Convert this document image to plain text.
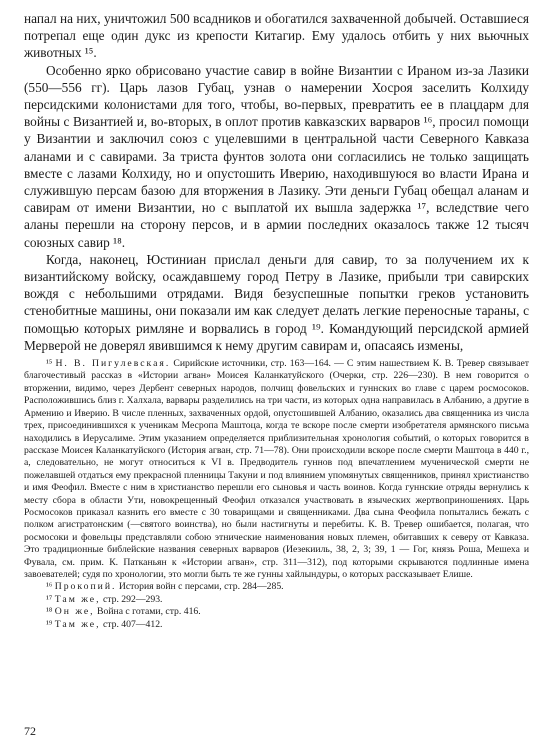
напал на них, уничтожил 500 всадников и обогатился захваченной добычей. Оставшиеся потрепал еще один дукс из крепости Китагир. Ему удалось отбить у них вьючных животных ¹⁵.

Особенно ярко обрисовано участие савир в войне Византии с Ираном из-за Лазики (550—556 гг). Царь лазов Губац, узнав о намерении Хосроя заселить Колхиду персидскими колонистами для того, чтобы, во-первых, превратить ее в плацдарм для войны с Византией и, во-вторых, в оплот против кавказских варваров ¹⁶, просил помощи у Византии и заключил союз с уцелевшими в центральной части Северного Кавказа аланами и с савирами. За триста фунтов золота они согласились не только защищать вместе с лазами Колхиду, но и опустошить Иверию, находившуюся во власти Ирана и служившую персам базою для вторжения в Лазику. Эти деньги Губац обещал аланам и савирам от имени Византии, но с выплатой их вышла задержка ¹⁷, вследствие чего аланы перешли на сторону персов, и в армии последних оказалось также 12 тысяч союзных савир ¹⁸.

Когда, наконец, Юстиниан прислал деньги для савир, то за получением их к византийскому войску, осаждавшему город Петру в Лазике, прибыли три савирских вождя с небольшими отрядами. Видя безуспешные попытки греков установить стенобитные машины, они показали им как следует делать легкие переносные тараны, с помощью которых римляне и ворвались в город ¹⁹. Командующий персидской армией Мерверой не доверял явившимся к нему другим савирам и, опасаясь измены,

¹⁵ Н. В. Пигулевская. Сирийские источники, стр. 163—164. — С этим нашествием К. В. Тревер связывает благочестивый рассказ в «Истории агван» Моисея Каланкатуйского (Очерки, стр. 226—230). В нем говорится о вторжении, видимо, через Дербент северных народов, полчищ фовельских и гуннских во главе с царем росмосоков. Расположившись близ г. Халхала, варвары разделились на три части, из которых одна направилась в Албанию, а другие в Армению и Иверию. В числе пленных, захваченных ордой, опустошившей Албанию, оказались два священника из числа трех, присоединившихся к ученикам Месропа Маштоца, когда те вскоре после смерти изобретателя армянского письма находились в Иерусалиме. Этим указанием определяется приблизительная хронология событий, о которых говорится в рассказе Моисея Каланкатуйского (История агван, стр. 71—78). Они происходили вскоре после смерти Маштоца в 440 г., а, следовательно, не могут относиться к VI в. Предводитель гуннов под впечатлением мученической смерти не пожелавшей отдаться ему прекрасной пленницы Такуни и под влиянием упомянутых священников, принял христианство и имя Феофил. Вместе с ним в христианство перешли его сыновья и часть воинов. Когда гуннские отряды вернулись к месту сбора в области Ути, новокрещенный Феофил отказался участвовать в языческих жертвоприношениях. Царь Росмосоков приказал казнить его вместе с 30 товарищами и священниками. Два сына Феофила попытались бежать с полком агистратонским (—святого воинства), но были настигнуты и перебиты. К. В. Тревер ошибается, полагая, что росмосоки и фовельцы представляли собою этнические наименования новых племен, обитавших к северу от Кавказа. Это традиционные библейские названия северных варваров (Иезекииль, 38, 2, 3; 39, 1 — Гог, князь Роша, Мешеха и Фувала, см. прим. К. Патканьян к «Истории агван», стр. 311—312), под которыми скрываются подлинные имена завоевателей; судя по хронологии, это могли быть те же гунны хайлындуры, о которых рассказывает Елише.

¹⁶ Прокопий. История войн с персами, стр. 284—285.

¹⁷ Там же, стр. 292—293.

¹⁸ Он же, Война с готами, стр. 416.

¹⁹ Там же, стр. 407—412.

72
